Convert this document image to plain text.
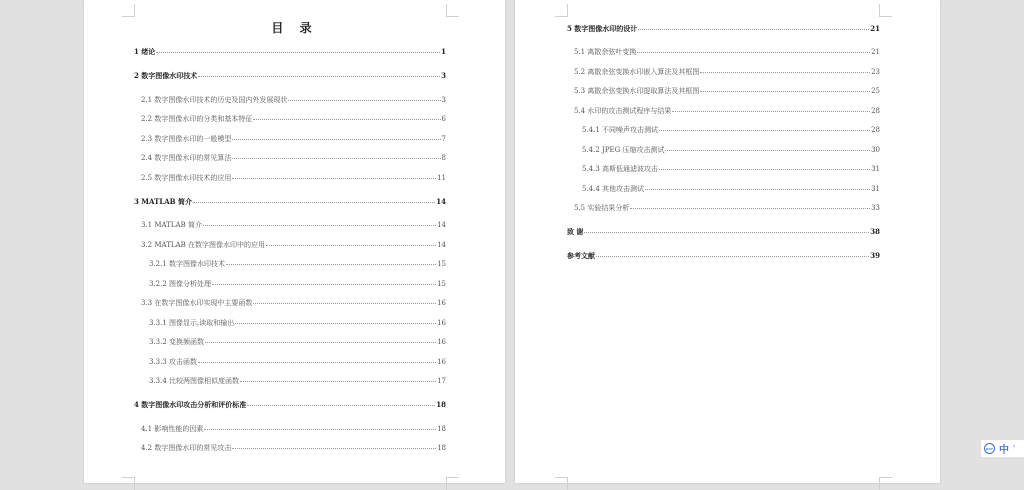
目 录
1 绪论	1
2 数字图像水印技术	3
2.1 数字图像水印技术的历史及国内外发展现状	3
2.2 数字图像水印的分类和基本特征	6
2.3 数字图像水印的一般模型	7
2.4 数字图像水印的常见算法	8
2.5 数字图像水印技术的应用	11
3 MATLAB 简介	14
3.1 MATLAB 简介	14
3.2 MATLAB 在数字图像水印中的应用	14
3.2.1 数字图像水印技术	15
3.2.2 图像分析处理	15
3.3 在数字图像水印实现中主要函数	16
3.3.1 图像显示,读取和输出	16
3.3.2 变换频函数	16
3.3.3 攻击函数	16
3.3.4 比较两图像相似度函数	17
4 数字图像水印攻击分析和评价标准	18
4.1 影响性能的因素	18
4.2 数字图像水印的常见攻击	18
5 数字图像水印的设计	21
5.1 离散余弦叶变换	21
5.2 离散余弦变换水印嵌入算法及其框图	23
5.3 离散余弦变换水印提取算法及其框图	25
5.4 水印的攻击测试程序与结果	28
5.4.1 不同噪声攻击测试	28
5.4.2 JPEG 压缩攻击测试	30
5.4.3 高斯低通滤波攻击	31
5.4.4 其他攻击测试	31
5.5 实验结果分析	33
致 谢	38
参考文献	39
JIGY 中 '
